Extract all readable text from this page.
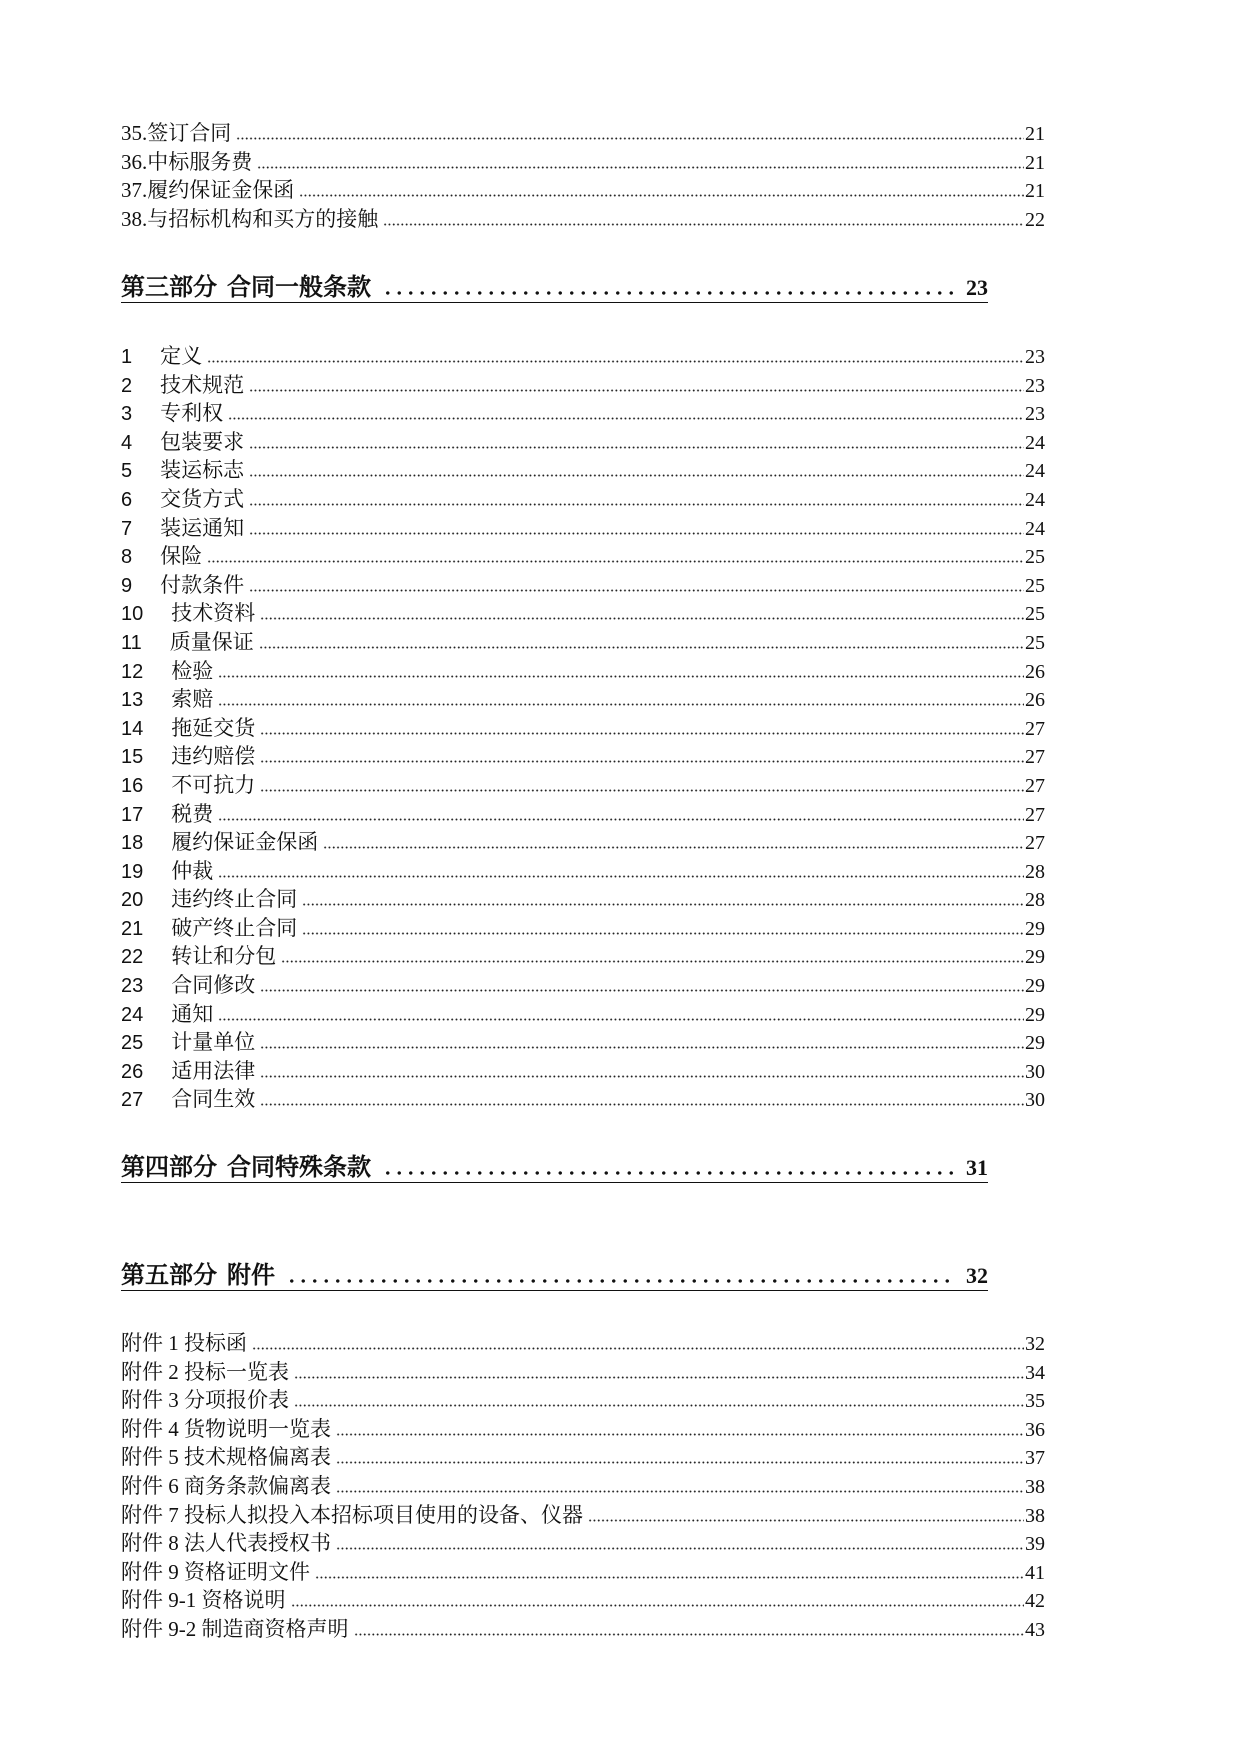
35.签订合同	21
36.中标服务费	21
37.履约保证金保函	21
38.与招标机构和买方的接触	22
第三部分 合同一般条款	23
1 定义	23
2 技术规范	23
3 专利权	23
4 包装要求	24
5 装运标志	24
6 交货方式	24
7 装运通知	24
8 保险	25
9 付款条件	25
10 技术资料	25
11 质量保证	25
12 检验	26
13 索赔	26
14 拖延交货	27
15 违约赔偿	27
16 不可抗力	27
17 税费	27
18 履约保证金保函	27
19 仲裁	28
20 违约终止合同	28
21 破产终止合同	29
22 转让和分包	29
23 合同修改	29
24 通知	29
25 计量单位	29
26 适用法律	30
27 合同生效	30
第四部分 合同特殊条款	31
第五部分 附件	32
附件 1 投标函	32
附件 2 投标一览表	34
附件 3 分项报价表	35
附件 4 货物说明一览表	36
附件 5 技术规格偏离表	37
附件 6 商务条款偏离表	38
附件 7 投标人拟投入本招标项目使用的设备、仪器	38
附件 8 法人代表授权书	39
附件 9 资格证明文件	41
附件 9-1 资格说明	42
附件 9-2 制造商资格声明	43
